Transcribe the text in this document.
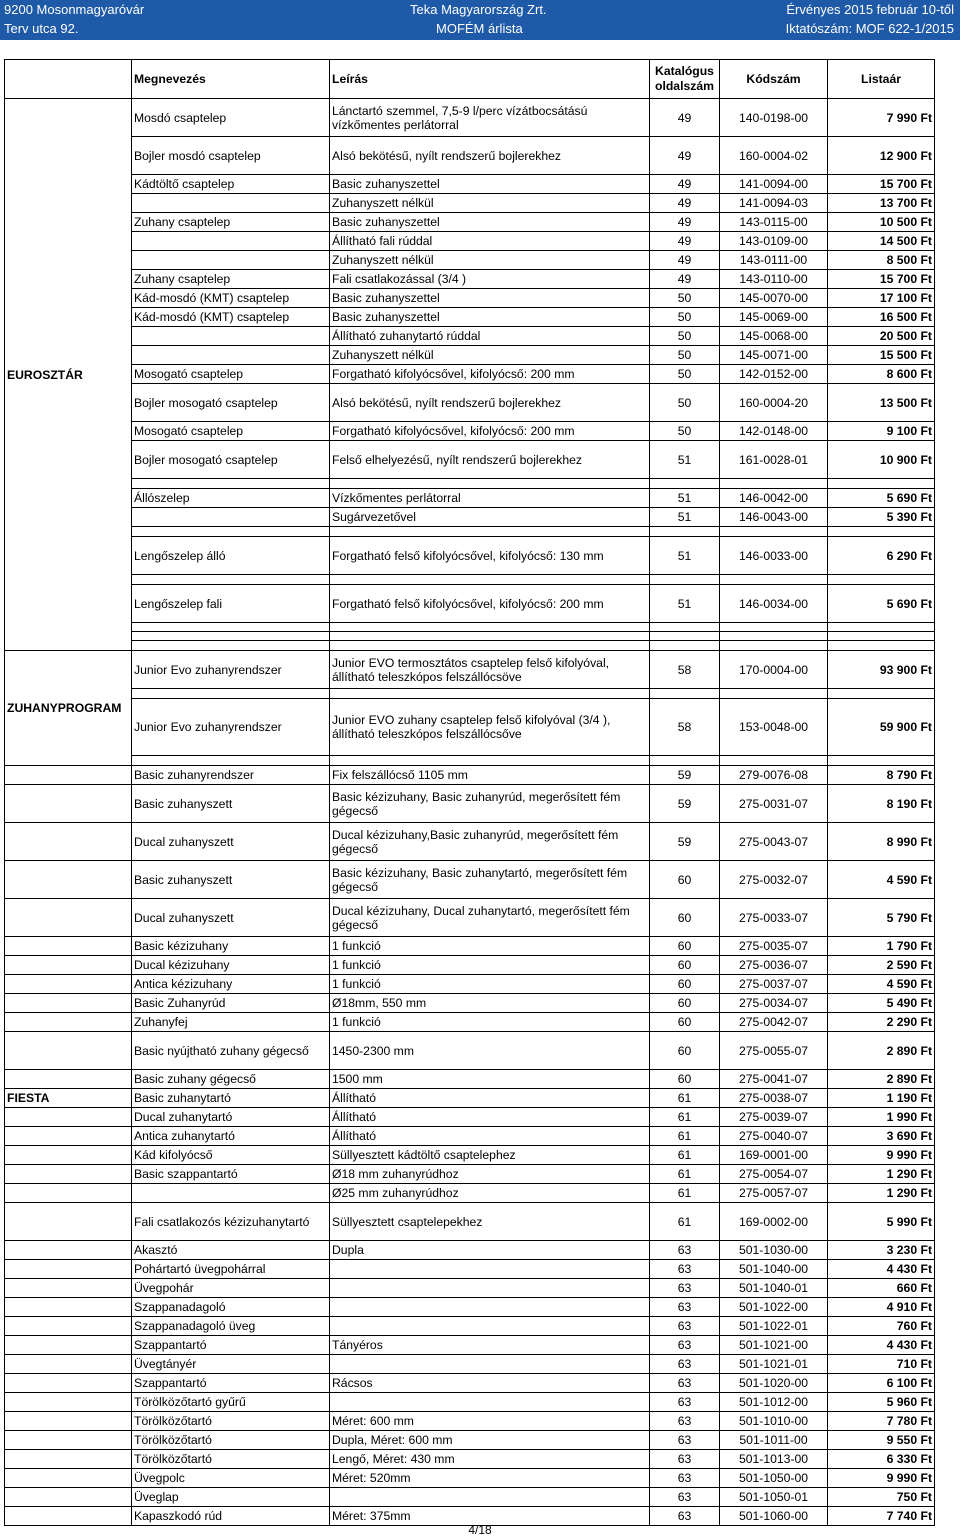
9200 Mosonmagyaróvár
Terv utca 92.
Teka Magyarország Zrt.
MOFÉM árlista
Érvényes 2015 február 10-től
Iktatószám: MOF 622-1/2015
	Megnevezés	Leírás	Katalógus oldalszám	Kódszám	Listaár
EUROSZTÁR	Mosdó csaptelep	Lánctartó szemmel, 7,5-9 l/perc vízátbocsátású vízkőmentes perlátorral	49	140-0198-00	7 990 Ft
	Bojler mosdó csaptelep	Alsó bekötésű, nyílt rendszerű bojlerekhez	49	160-0004-02	12 900 Ft
	Kádtöltő csaptelep	Basic zuhanyszettel	49	141-0094-00	15 700 Ft
		Zuhanyszett nélkül	49	141-0094-03	13 700 Ft
	Zuhany csaptelep	Basic zuhanyszettel	49	143-0115-00	10 500 Ft
		Állítható fali rúddal	49	143-0109-00	14 500 Ft
		Zuhanyszett nélkül	49	143-0111-00	8 500 Ft
	Zuhany csaptelep	Fali csatlakozással (3/4 )	49	143-0110-00	15 700 Ft
	Kád-mosdó (KMT) csaptelep	Basic zuhanyszettel	50	145-0070-00	17 100 Ft
	Kád-mosdó (KMT) csaptelep	Basic zuhanyszettel	50	145-0069-00	16 500 Ft
		Állítható zuhanytartó rúddal	50	145-0068-00	20 500 Ft
		Zuhanyszett nélkül	50	145-0071-00	15 500 Ft
	Mosogató csaptelep	Forgatható kifolyócsővel, kifolyócső: 200 mm	50	142-0152-00	8 600 Ft
	Bojler mosogató csaptelep	Alsó bekötésű, nyílt rendszerű bojlerekhez	50	160-0004-20	13 500 Ft
	Mosogató csaptelep	Forgatható kifolyócsővel, kifolyócső: 200 mm	50	142-0148-00	9 100 Ft
	Bojler mosogató csaptelep	Felső elhelyezésű, nyílt rendszerű bojlerekhez	51	161-0028-01	10 900 Ft

	Állószelep	Vízkőmentes perlátorral	51	146-0042-00	5 690 Ft
		Sugárvezetővel	51	146-0043-00	5 390 Ft

	Lengőszelep álló	Forgatható felső kifolyócsővel, kifolyócső: 130 mm	51	146-0033-00	6 290 Ft

	Lengőszelep fali	Forgatható felső kifolyócsővel, kifolyócső: 200 mm	51	146-0034-00	5 690 Ft

ZUHANYPROGRAM	Junior Evo zuhanyrendszer	Junior EVO termosztátos csaptelep felső kifolyóval, állítható teleszkópos felszállócsöve	58	170-0004-00	93 900 Ft

	Junior Evo zuhanyrendszer	Junior EVO zuhany csaptelep felső kifolyóval (3/4 ), állítható teleszkópos felszállócsőve	58	153-0048-00	59 900 Ft

	Basic zuhanyrendszer	Fix felszállócső 1105 mm	59	279-0076-08	8 790 Ft
	Basic zuhanyszett	Basic kézizuhany, Basic zuhanyrúd, megerősített fém gégecső	59	275-0031-07	8 190 Ft
	Ducal zuhanyszett	Ducal kézizuhany,Basic zuhanyrúd, megerősített fém gégecső	59	275-0043-07	8 990 Ft
	Basic zuhanyszett	Basic kézizuhany, Basic zuhanytartó, megerősített fém gégecső	60	275-0032-07	4 590 Ft
	Ducal zuhanyszett	Ducal kézizuhany, Ducal zuhanytartó, megerősített fém gégecső	60	275-0033-07	5 790 Ft
	Basic kézizuhany	1 funkció	60	275-0035-07	1 790 Ft
	Ducal kézizuhany	1 funkció	60	275-0036-07	2 590 Ft
	Antica kézizuhany	1 funkció	60	275-0037-07	4 590 Ft
	Basic Zuhanyrúd	Ø18mm, 550 mm	60	275-0034-07	5 490 Ft
	Zuhanyfej	1 funkció	60	275-0042-07	2 290 Ft
	Basic nyújtható zuhany gégecső	1450-2300 mm	60	275-0055-07	2 890 Ft
	Basic zuhany gégecső	1500 mm	60	275-0041-07	2 890 Ft
FIESTA	Basic zuhanytartó	Állítható	61	275-0038-07	1 190 Ft
	Ducal zuhanytartó	Állítható	61	275-0039-07	1 990 Ft
	Antica zuhanytartó	Állítható	61	275-0040-07	3 690 Ft
	Kád kifolyócső	Süllyesztett kádtöltő csaptelephez	61	169-0001-00	9 990 Ft
	Basic szappantartó	Ø18 mm zuhanyrúdhoz	61	275-0054-07	1 290 Ft
		Ø25 mm zuhanyrúdhoz	61	275-0057-07	1 290 Ft
	Fali csatlakozós kézizuhanytartó	Süllyesztett csaptelepekhez	61	169-0002-00	5 990 Ft
	Akasztó	Dupla	63	501-1030-00	3 230 Ft
	Pohártartó üvegpohárral		63	501-1040-00	4 430 Ft
	Üvegpohár		63	501-1040-01	660 Ft
	Szappanadagoló		63	501-1022-00	4 910 Ft
	Szappanadagoló üveg		63	501-1022-01	760 Ft
	Szappantartó	Tányéros	63	501-1021-00	4 430 Ft
	Üvegtányér		63	501-1021-01	710 Ft
	Szappantartó	Rácsos	63	501-1020-00	6 100 Ft
	Törölközőtartó gyűrű		63	501-1012-00	5 960 Ft
	Törölközőtartó	Méret: 600 mm	63	501-1010-00	7 780 Ft
	Törölközőtartó	Dupla, Méret: 600 mm	63	501-1011-00	9 550 Ft
	Törölközőtartó	Lengő, Méret: 430 mm	63	501-1013-00	6 330 Ft
	Üvegpolc	Méret: 520mm	63	501-1050-00	9 990 Ft
	Üveglap		63	501-1050-01	750 Ft
	Kapaszkodó rúd	Méret: 375mm	63	501-1060-00	7 740 Ft
4/18
